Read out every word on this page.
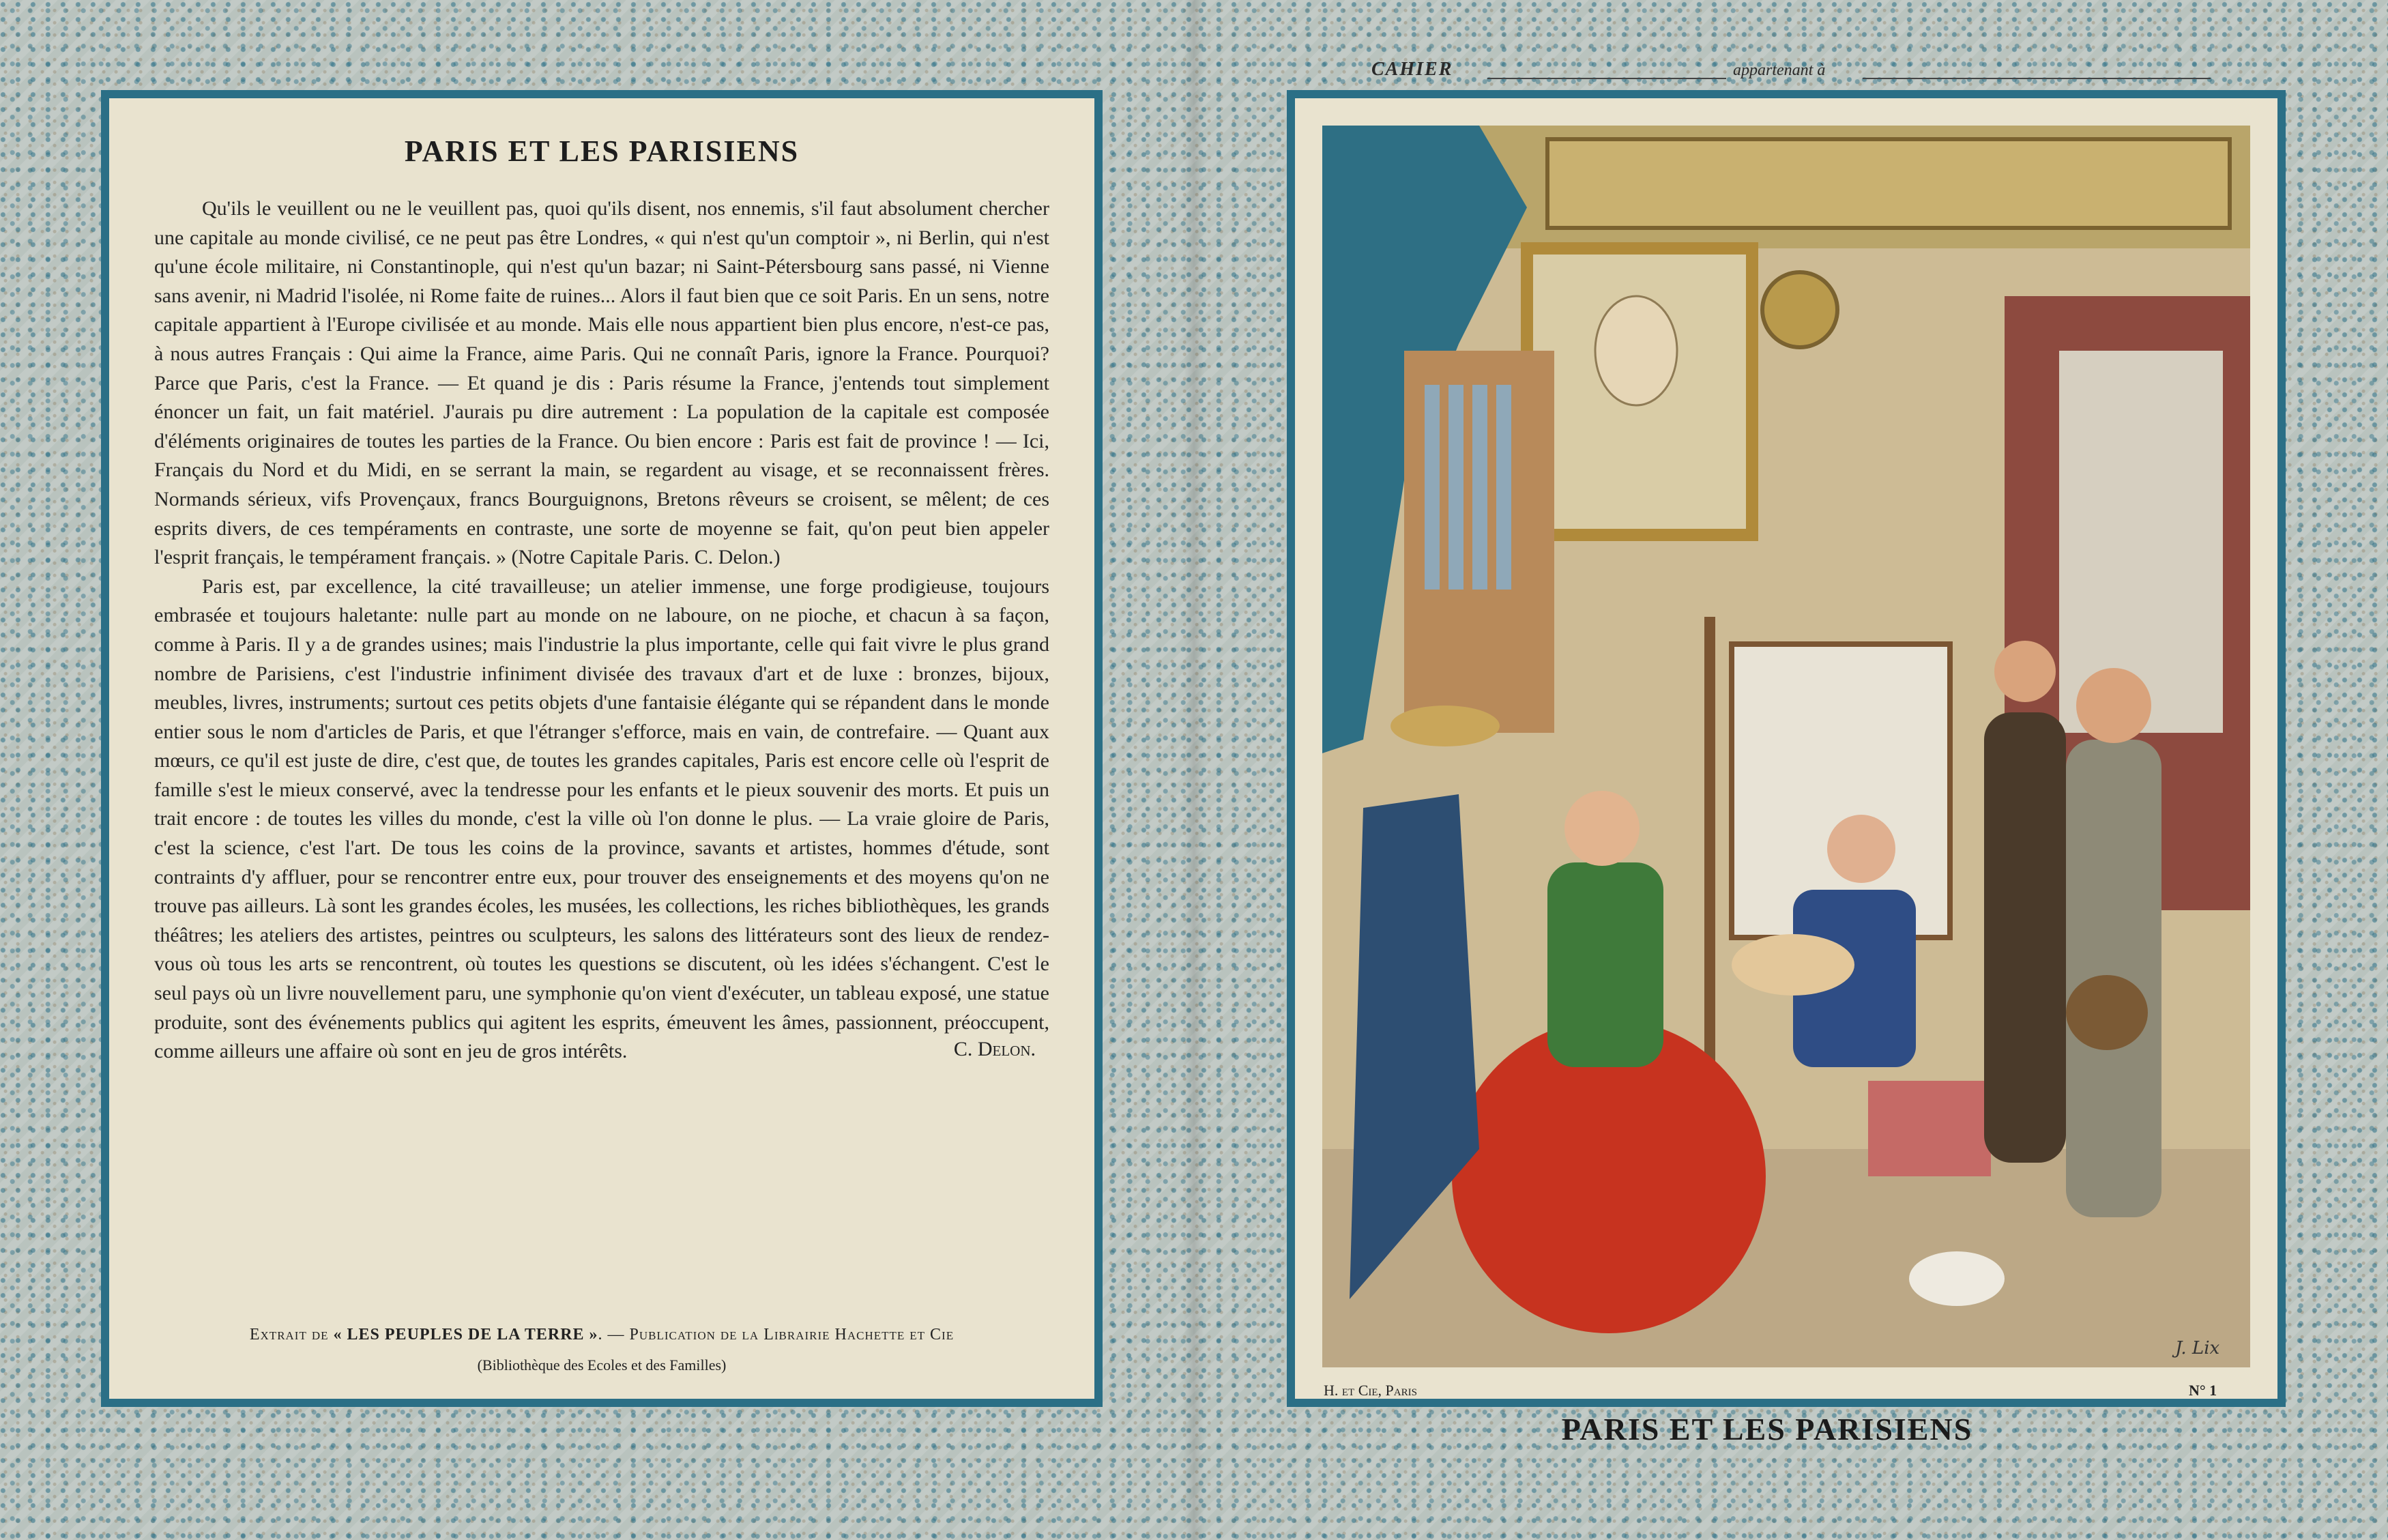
PARIS ET LES PARISIENS

Qu'ils le veuillent ou ne le veuillent pas, quoi qu'ils disent, nos ennemis, s'il faut absolument chercher une capitale au monde civilisé, ce ne peut pas être Londres, « qui n'est qu'un comptoir », ni Berlin, qui n'est qu'une école militaire, ni Constantinople, qui n'est qu'un bazar; ni Saint-Pétersbourg sans passé, ni Vienne sans avenir, ni Madrid l'isolée, ni Rome faite de ruines... Alors il faut bien que ce soit Paris. En un sens, notre capitale appartient à l'Europe civilisée et au monde. Mais elle nous appartient bien plus encore, n'est-ce pas, à nous autres Français : Qui aime la France, aime Paris. Qui ne connaît Paris, ignore la France. Pourquoi? Parce que Paris, c'est la France. — Et quand je dis : Paris résume la France, j'entends tout simplement énoncer un fait, un fait matériel. J'aurais pu dire autrement : La population de la capitale est composée d'éléments originaires de toutes les parties de la France. Ou bien encore : Paris est fait de province ! — Ici, Français du Nord et du Midi, en se serrant la main, se regardent au visage, et se reconnaissent frères. Normands sérieux, vifs Provençaux, francs Bourguignons, Bretons rêveurs se croisent, se mêlent; de ces esprits divers, de ces tempéraments en contraste, une sorte de moyenne se fait, qu'on peut bien appeler l'esprit français, le tempérament français. » (Notre Capitale Paris. C. Delon.)

Paris est, par excellence, la cité travailleuse; un atelier immense, une forge prodigieuse, toujours embrasée et toujours haletante: nulle part au monde on ne laboure, on ne pioche, et chacun à sa façon, comme à Paris. Il y a de grandes usines; mais l'industrie la plus importante, celle qui fait vivre le plus grand nombre de Parisiens, c'est l'industrie infiniment divisée des travaux d'art et de luxe : bronzes, bijoux, meubles, livres, instruments; surtout ces petits objets d'une fantaisie élégante qui se répandent dans le monde entier sous le nom d'articles de Paris, et que l'étranger s'efforce, mais en vain, de contrefaire. — Quant aux mœurs, ce qu'il est juste de dire, c'est que, de toutes les grandes capitales, Paris est encore celle où l'esprit de famille s'est le mieux conservé, avec la tendresse pour les enfants et le pieux souvenir des morts. Et puis un trait encore : de toutes les villes du monde, c'est la ville où l'on donne le plus. — La vraie gloire de Paris, c'est la science, c'est l'art. De tous les coins de la province, savants et artistes, hommes d'étude, sont contraints d'y affluer, pour se rencontrer entre eux, pour trouver des enseignements et des moyens qu'on ne trouve pas ailleurs. Là sont les grandes écoles, les musées, les collections, les riches bibliothèques, les grands théâtres; les ateliers des artistes, peintres ou sculpteurs, les salons des littérateurs sont des lieux de rendez-vous où tous les arts se rencontrent, où toutes les questions se discutent, où les idées s'échangent. C'est le seul pays où un livre nouvellement paru, une symphonie qu'on vient d'exécuter, un tableau exposé, une statue produite, sont des événements publics qui agitent les esprits, émeuvent les âmes, passionnent, préoccupent, comme ailleurs une affaire où sont en jeu de gros intérêts.	C. Delon.
Extrait de « LES PEUPLES DE LA TERRE ». — Publication de la Librairie Hachette et Cie
(Bibliothèque des Ecoles et des Familles)
CAHIER	appartenant à
J. Lix
H. et Cie, Paris	N° 1
PARIS ET LES PARISIENS
